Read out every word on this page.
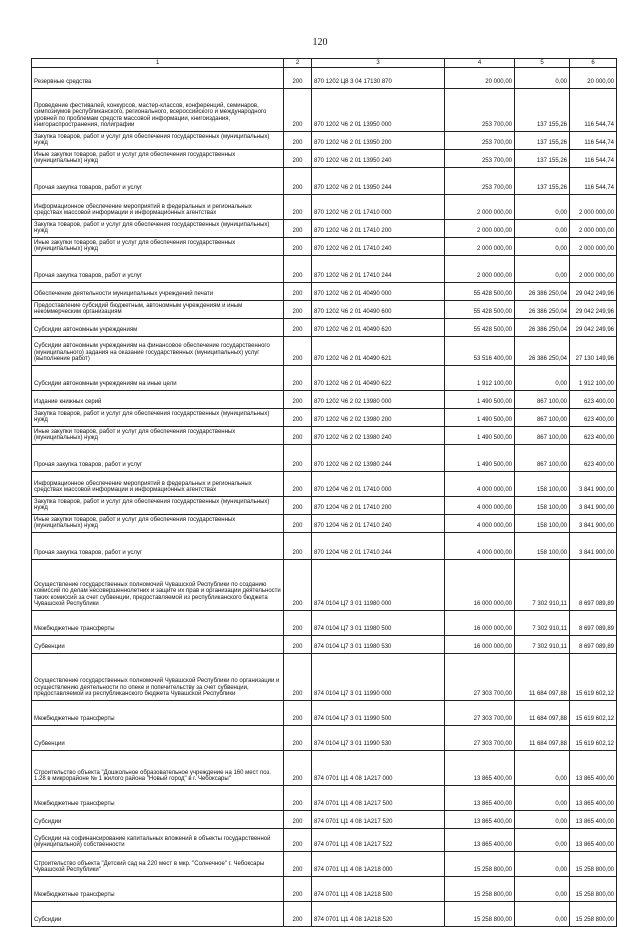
120
1	2	3	4	5	6
Резервные средства	200	870 1202 Ц8 3 04 17130 870	20 000,00	0,00	20 000,00
Проведение фестивалей, конкурсов, мастер-классов, конференций, семинаров, симпозиумов республиканского, регионального, всероссийского и международного уровней по проблемам средств массовой информации, книгоиздания, книгораспространения, полиграфии	200	870 1202 Ч6 2 01 13950 000	253 700,00	137 155,26	116 544,74
Закупка товаров, работ и услуг для обеспечения государственных (муниципальных) нужд	200	870 1202 Ч6 2 01 13950 200	253 700,00	137 155,26	116 544,74
Иные закупки товаров, работ и услуг для обеспечения государственных (муниципальных) нужд	200	870 1202 Ч6 2 01 13950 240	253 700,00	137 155,26	116 544,74
Прочая закупка товаров, работ и услуг	200	870 1202 Ч6 2 01 13950 244	253 700,00	137 155,26	116 544,74
Информационное обеспечение мероприятий в федеральных и региональных средствах массовой информации и информационных агентствах	200	870 1202 Ч6 2 01 17410 000	2 000 000,00	0,00	2 000 000,00
Закупка товаров, работ и услуг для обеспечения государственных (муниципальных) нужд	200	870 1202 Ч6 2 01 17410 200	2 000 000,00	0,00	2 000 000,00
Иные закупки товаров, работ и услуг для обеспечения государственных (муниципальных) нужд	200	870 1202 Ч6 2 01 17410 240	2 000 000,00	0,00	2 000 000,00
Прочая закупка товаров, работ и услуг	200	870 1202 Ч6 2 01 17410 244	2 000 000,00	0,00	2 000 000,00
Обеспечение деятельности муниципальных учреждений печати	200	870 1202 Ч6 2 01 40490 000	55 428 500,00	26 386 250,04	29 042 249,96
Предоставление субсидий бюджетным, автономным учреждениям и иным некоммерческим организациям	200	870 1202 Ч6 2 01 40490 600	55 428 500,00	26 386 250,04	29 042 249,96
Субсидии автономным учреждениям	200	870 1202 Ч6 2 01 40490 620	55 428 500,00	26 386 250,04	29 042 249,96
Субсидии автономным учреждениям на финансовое обеспечение государственного (муниципального) задания на оказание государственных (муниципальных) услуг (выполнение работ)	200	870 1202 Ч6 2 01 40490 621	53 516 400,00	26 386 250,04	27 130 149,96
Субсидии автономным учреждениям на иные цели	200	870 1202 Ч6 2 01 40490 622	1 912 100,00	0,00	1 912 100,00
Издание книжных серий	200	870 1202 Ч6 2 02 13980 000	1 490 500,00	867 100,00	623 400,00
Закупка товаров, работ и услуг для обеспечения государственных (муниципальных) нужд	200	870 1202 Ч6 2 02 13980 200	1 490 500,00	867 100,00	623 400,00
Иные закупки товаров, работ и услуг для обеспечения государственных (муниципальных) нужд	200	870 1202 Ч6 2 02 13980 240	1 490 500,00	867 100,00	623 400,00
Прочая закупка товаров, работ и услуг	200	870 1202 Ч6 2 02 13980 244	1 490 500,00	867 100,00	623 400,00
Информационное обеспечение мероприятий в федеральных и региональных средствах массовой информации и информационных агентствах	200	870 1204 Ч6 2 01 17410 000	4 000 000,00	158 100,00	3 841 900,00
Закупка товаров, работ и услуг для обеспечения государственных (муниципальных) нужд	200	870 1204 Ч6 2 01 17410 200	4 000 000,00	158 100,00	3 841 900,00
Иные закупки товаров, работ и услуг для обеспечения государственных (муниципальных) нужд	200	870 1204 Ч6 2 01 17410 240	4 000 000,00	158 100,00	3 841 900,00
Прочая закупка товаров, работ и услуг	200	870 1204 Ч6 2 01 17410 244	4 000 000,00	158 100,00	3 841 900,00
Осуществление государственных полномочий Чувашской Республики по созданию комиссий по делам несовершеннолетних и защите их прав и организации деятельности таких комиссий за счет субвенции, предоставляемой из республиканского бюджета Чувашской Республики	200	874 0104 Ц7 3 01 11980 000	16 000 000,00	7 302 910,11	8 697 089,89
Межбюджетные трансферты	200	874 0104 Ц7 3 01 11980 500	16 000 000,00	7 302 910,11	8 697 089,89
Субвенции	200	874 0104 Ц7 3 01 11980 530	16 000 000,00	7 302 910,11	8 697 089,89
Осуществление государственных полномочий Чувашской Республики по организации и осуществлению деятельности по опеке и попечительству за счет субвенции, предоставляемой из республиканского бюджета Чувашской Республики	200	874 0104 Ц7 3 01 11990 000	27 303 700,00	11 684 097,88	15 619 602,12
Межбюджетные трансферты	200	874 0104 Ц7 3 01 11990 500	27 303 700,00	11 684 097,88	15 619 602,12
Субвенции	200	874 0104 Ц7 3 01 11990 530	27 303 700,00	11 684 097,88	15 619 602,12
Строительство объекта "Дошкольное образовательное учреждение на 160 мест поз. 1.28 в микрорайоне № 1 жилого района "Новый город" в г. Чебоксары"	200	874 0701 Ц1 4 08 1А217 000	13 865 400,00	0,00	13 865 400,00
Межбюджетные трансферты	200	874 0701 Ц1 4 08 1А217 500	13 865 400,00	0,00	13 865 400,00
Субсидии	200	874 0701 Ц1 4 08 1А217 520	13 865 400,00	0,00	13 865 400,00
Субсидии на софинансирование капитальных вложений в объекты государственной (муниципальной) собственности	200	874 0701 Ц1 4 08 1А217 522	13 865 400,00	0,00	13 865 400,00
Строительство объекта "Детский сад на 220 мест в мкр. "Солнечное" г. Чебоксары Чувашской Республики"	200	874 0701 Ц1 4 08 1А218 000	15 258 800,00	0,00	15 258 800,00
Межбюджетные трансферты	200	874 0701 Ц1 4 08 1А218 500	15 258 800,00	0,00	15 258 800,00
Субсидии	200	874 0701 Ц1 4 08 1А218 520	15 258 800,00	0,00	15 258 800,00
